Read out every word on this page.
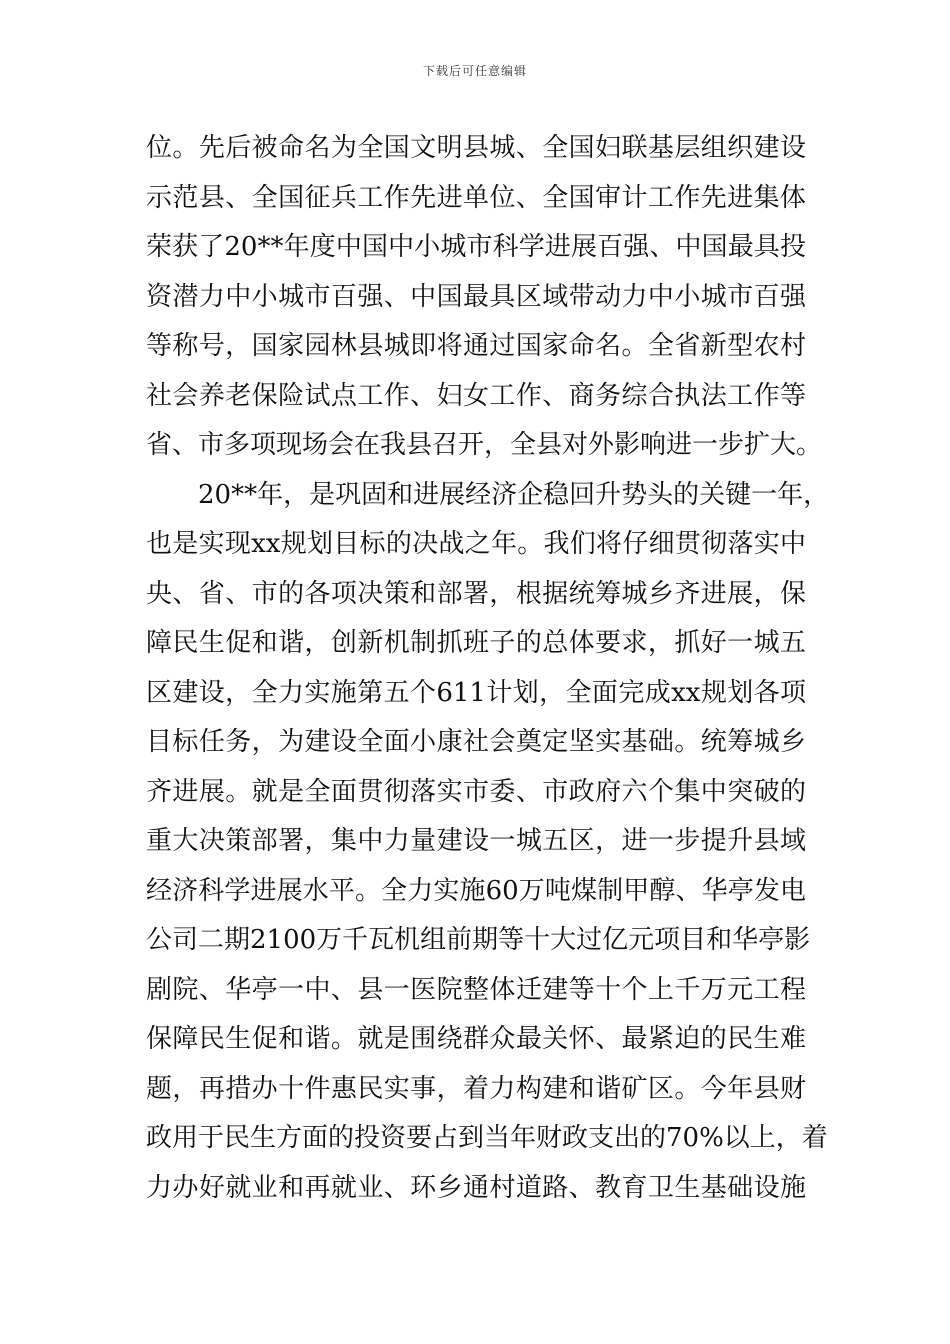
下载后可任意编辑
位。先后被命名为全国文明县城、全国妇联基层组织建设
示范县、全国征兵工作先进单位、全国审计工作先进集体
荣获了20**年度中国中小城市科学进展百强、中国最具投
资潜力中小城市百强、中国最具区域带动力中小城市百强
等称号，国家园林县城即将通过国家命名。全省新型农村
社会养老保险试点工作、妇女工作、商务综合执法工作等
省、市多项现场会在我县召开，全县对外影响进一步扩大。
20**年，是巩固和进展经济企稳回升势头的关键一年，
也是实现xx规划目标的决战之年。我们将仔细贯彻落实中
央、省、市的各项决策和部署，根据统筹城乡齐进展，保
障民生促和谐，创新机制抓班子的总体要求，抓好一城五
区建设，全力实施第五个611计划，全面完成xx规划各项
目标任务，为建设全面小康社会奠定坚实基础。统筹城乡
齐进展。就是全面贯彻落实市委、市政府六个集中突破的
重大决策部署，集中力量建设一城五区，进一步提升县域
经济科学进展水平。全力实施60万吨煤制甲醇、华亭发电
公司二期2100万千瓦机组前期等十大过亿元项目和华亭影
剧院、华亭一中、县一医院整体迁建等十个上千万元工程
保障民生促和谐。就是围绕群众最关怀、最紧迫的民生难
题，再措办十件惠民实事，着力构建和谐矿区。今年县财
政用于民生方面的投资要占到当年财政支出的70%以上，着
力办好就业和再就业、环乡通村道路、教育卫生基础设施
